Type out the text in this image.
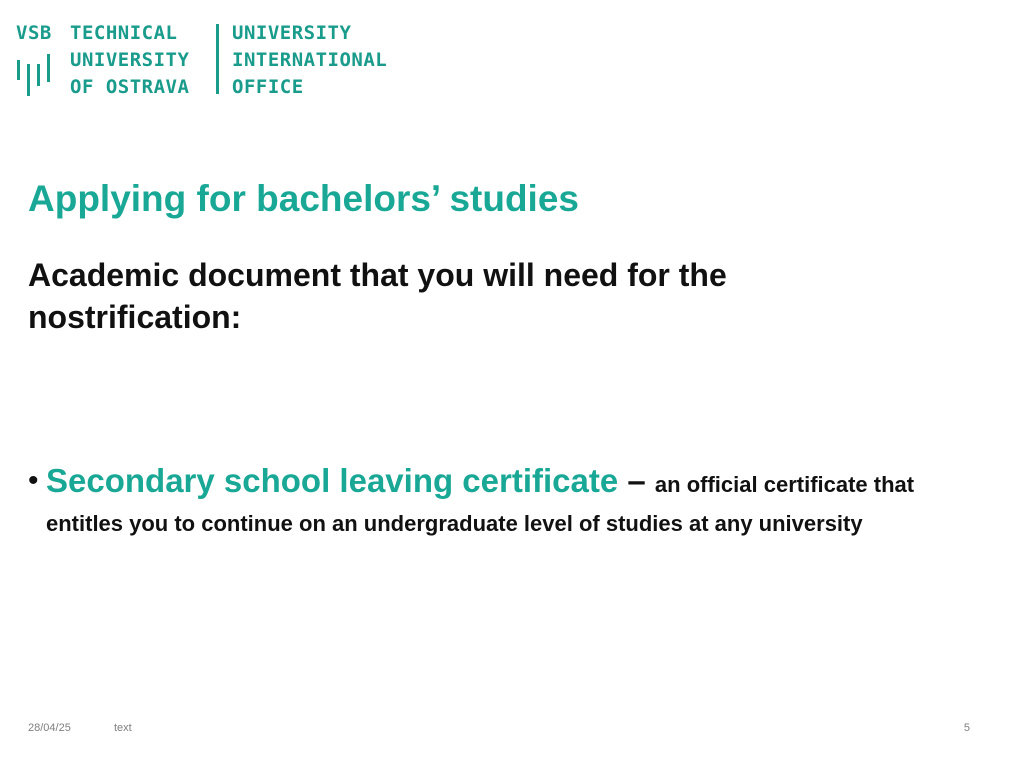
VSB TECHNICAL
UNIVERSITY
OF OSTRAVA
UNIVERSITY
INTERNATIONAL
OFFICE
Applying for bachelors’ studies

Academic document that you will need for the nostrification:

• Secondary school leaving certificate – an official certificate that
entitles you to continue on an undergraduate level of studies at any university
28/04/25	text	5
